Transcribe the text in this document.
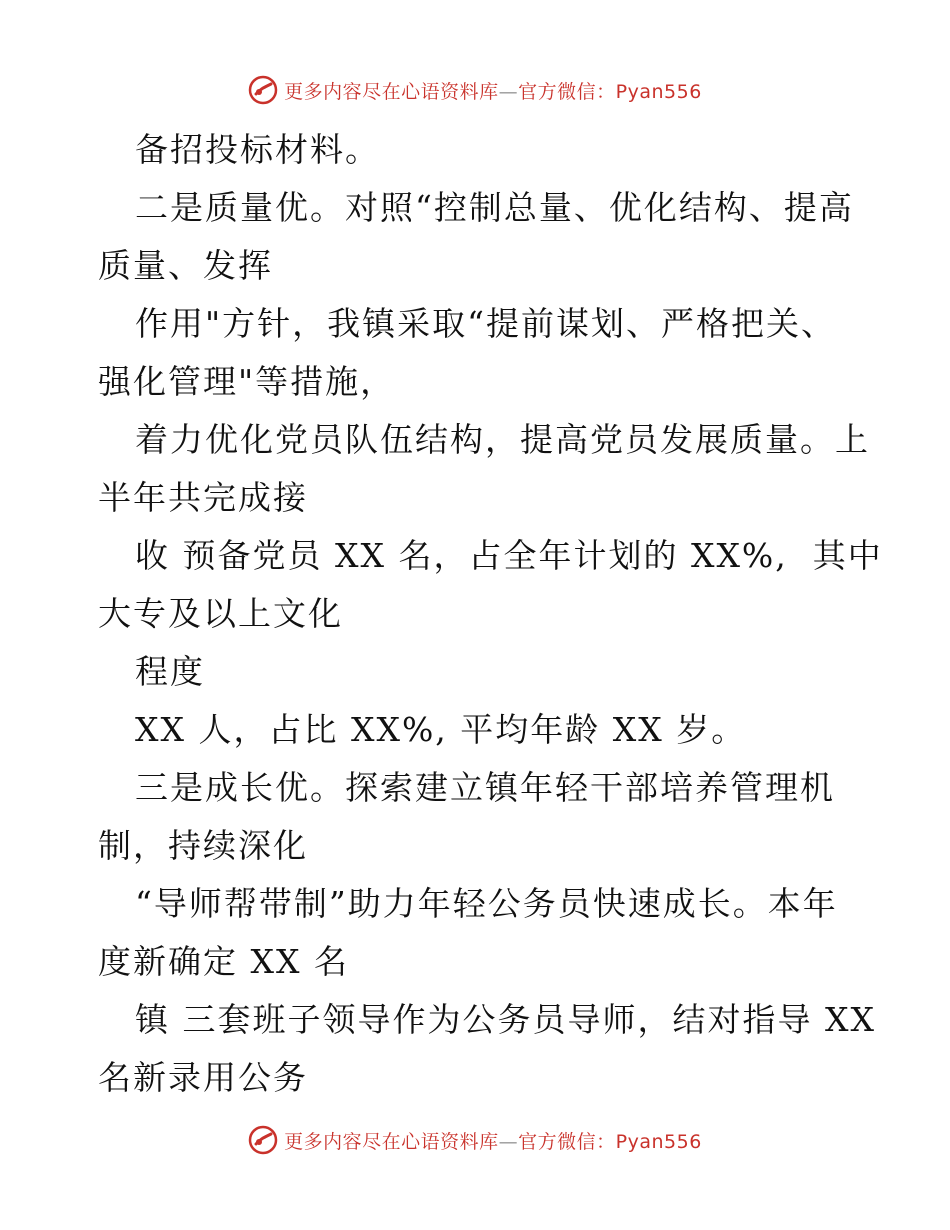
更多内容尽在心语资料库—官方微信：Pyan556
备招投标材料。
二是质量优。对照“控制总量、优化结构、提高
质量、发挥
作用"方针，我镇采取“提前谋划、严格把关、
强化管理"等措施，
着力优化党员队伍结构，提高党员发展质量。上
半年共完成接
收 预备党员 XX 名，占全年计划的 XX%,  其中
大专及以上文化
程度
XX 人，占比 XX%, 平均年龄 XX 岁。
三是成长优。探索建立镇年轻干部培养管理机
制，持续深化
“导师帮带制”助力年轻公务员快速成长。本年
度新确定 XX 名
镇 三套班子领导作为公务员导师，结对指导 XX
名新录用公务
更多内容尽在心语资料库—官方微信：Pyan556
